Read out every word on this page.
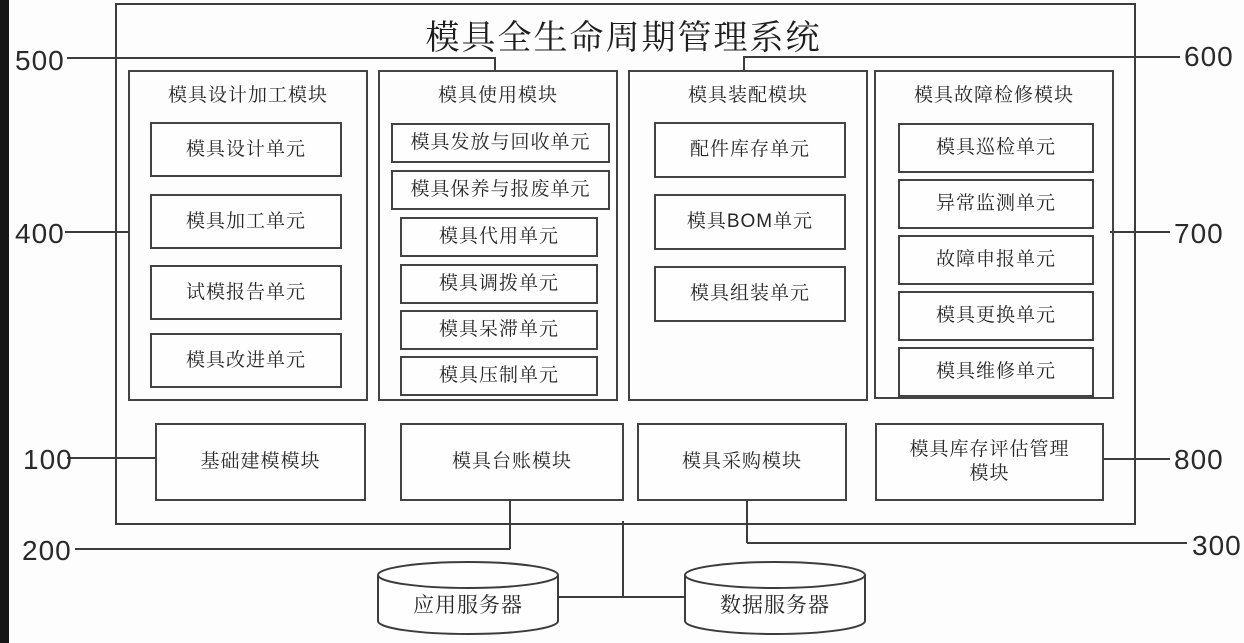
模具全生命周期管理系统
模具设计加工模块
模具设计单元
模具加工单元
试模报告单元
模具改进单元
模具使用模块
模具发放与回收单元
模具保养与报废单元
模具代用单元
模具调拨单元
模具呆滞单元
模具压制单元
模具装配模块
配件库存单元
模具BOM单元
模具组装单元
模具故障检修模块
模具巡检单元
异常监测单元
故障申报单元
模具更换单元
模具维修单元
基础建模模块	模具台账模块	模具采购模块
模具库存评估管理模块
应用服务器	数据服务器
500
400
100
200
600
700
800
300
